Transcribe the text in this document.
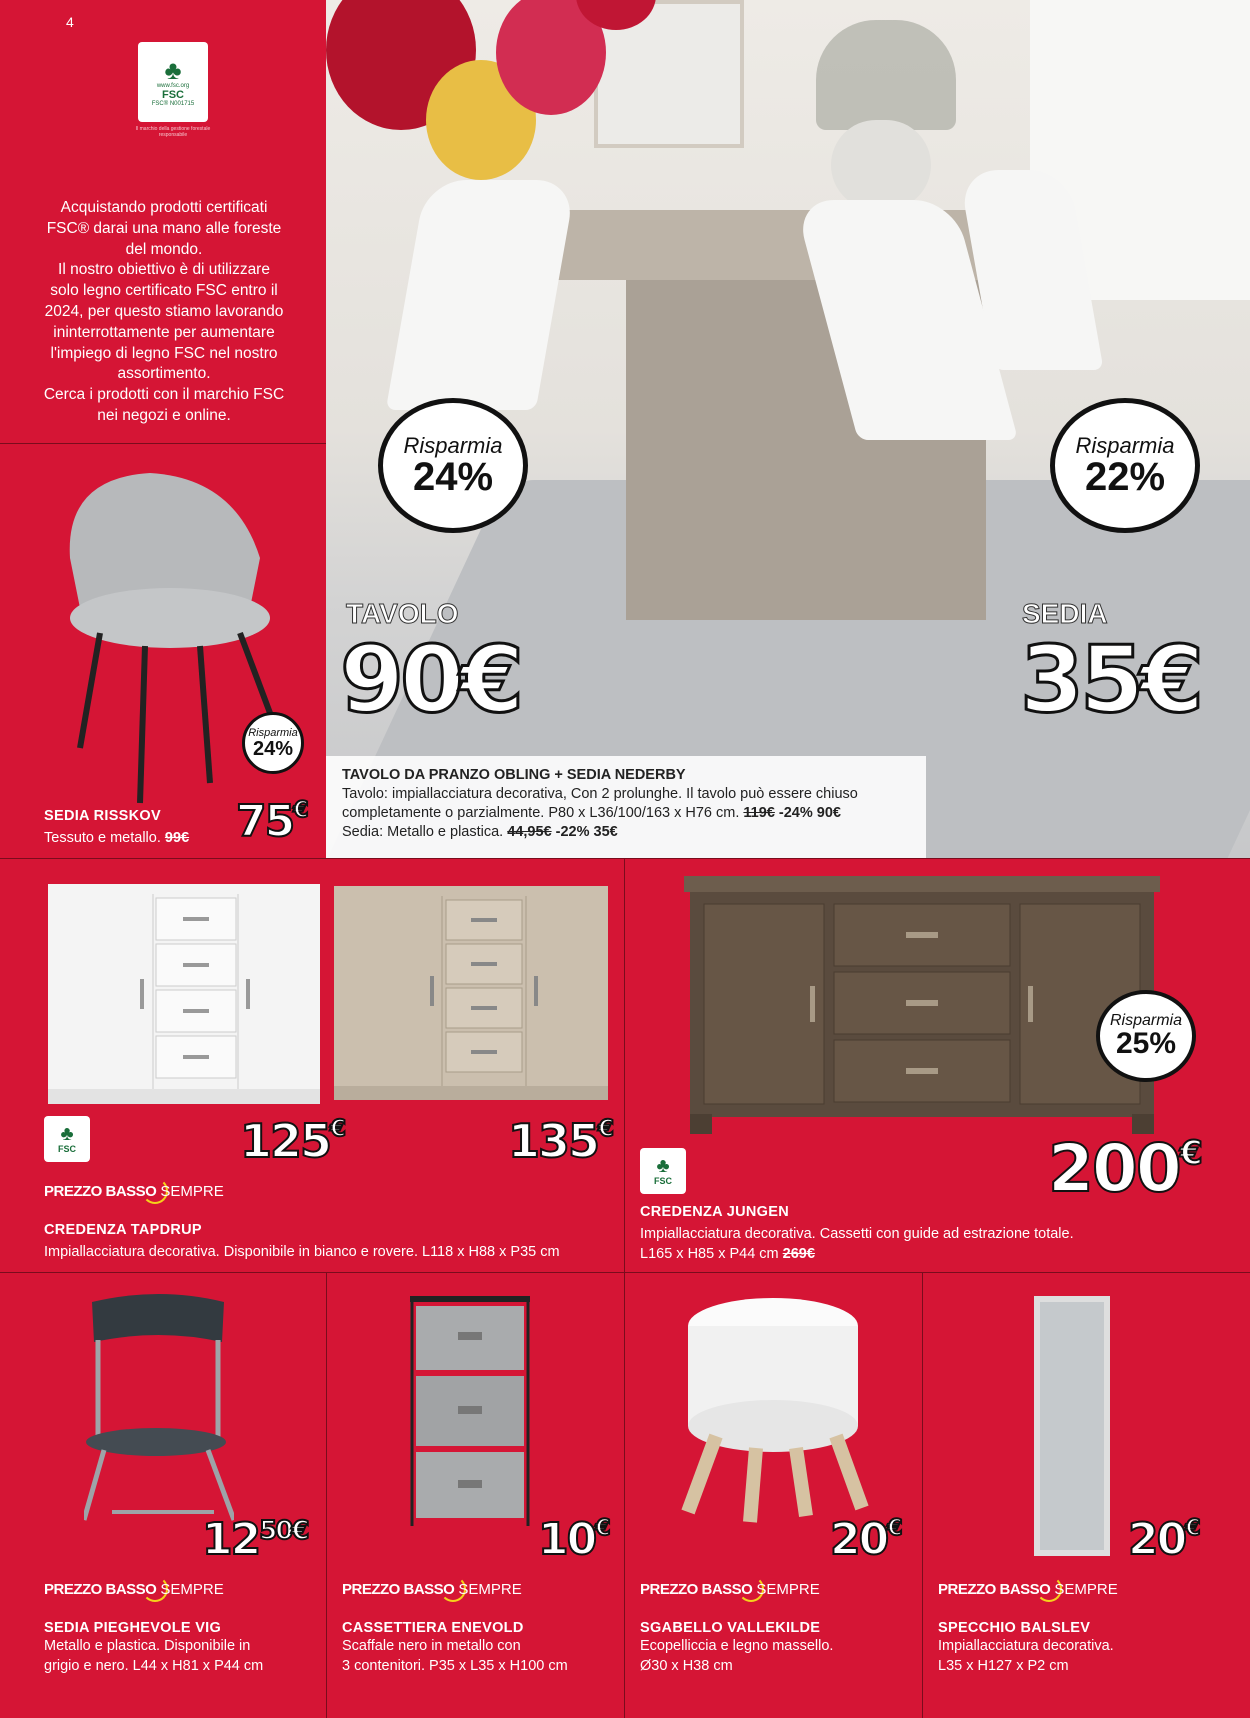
4
♣
www.fsc.org
FSC
FSC® N001715
Il marchio della gestione forestale responsabile
Acquistando prodotti certificati
FSC® darai una mano alle foreste
del mondo.
Il nostro obiettivo è di utilizzare
solo legno certificato FSC entro il
2024, per questo stiamo lavorando
ininterrottamente per aumentare
l'impiego di legno FSC nel nostro
assortimento.
Cerca i prodotti con il marchio FSC
nei negozi e online.
Risparmia
24%
Risparmia
22%
TAVOLO
90€
SEDIA
35€
TAVOLO DA PRANZO OBLING + SEDIA NEDERBY
Tavolo: impiallacciatura decorativa, Con 2 prolunghe. Il tavolo può essere chiuso
completamente o parzialmente. P80 x L36/100/163 x H76 cm. 119€ -24% 90€
Sedia: Metallo e plastica. 44,95€ -22% 35€
Risparmia
24%
SEDIA RISSKOV
Tessuto e metallo. 99€ 75€
♣
FSC	125€	135€
PREZZO BASSO SEMPRE
CREDENZA TAPDRUP
Impiallacciatura decorativa. Disponibile in bianco e rovere. L118 x H88 x P35 cm
Risparmia
25%
200€
♣
FSC
CREDENZA JUNGEN
Impiallacciatura decorativa. Cassetti con guide ad estrazione totale.
L165 x H85 x P44 cm 269€
$12^{50€}$	10€	20€	20€
PREZZO BASSO SEMPRE	PREZZO BASSO SEMPRE	PREZZO BASSO SEMPRE	PREZZO BASSO SEMPRE
SEDIA PIEGHEVOLE VIG
Metallo e plastica. Disponibile in
grigio e nero. L44 x H81 x P44 cm
CASSETTIERA ENEVOLD
Scaffale nero in metallo con
3 contenitori. P35 x L35 x H100 cm
SGABELLO VALLEKILDE
Ecopelliccia e legno massello.
Ø30 x H38 cm
SPECCHIO BALSLEV
Impiallacciatura decorativa.
L35 x H127 x P2 cm
